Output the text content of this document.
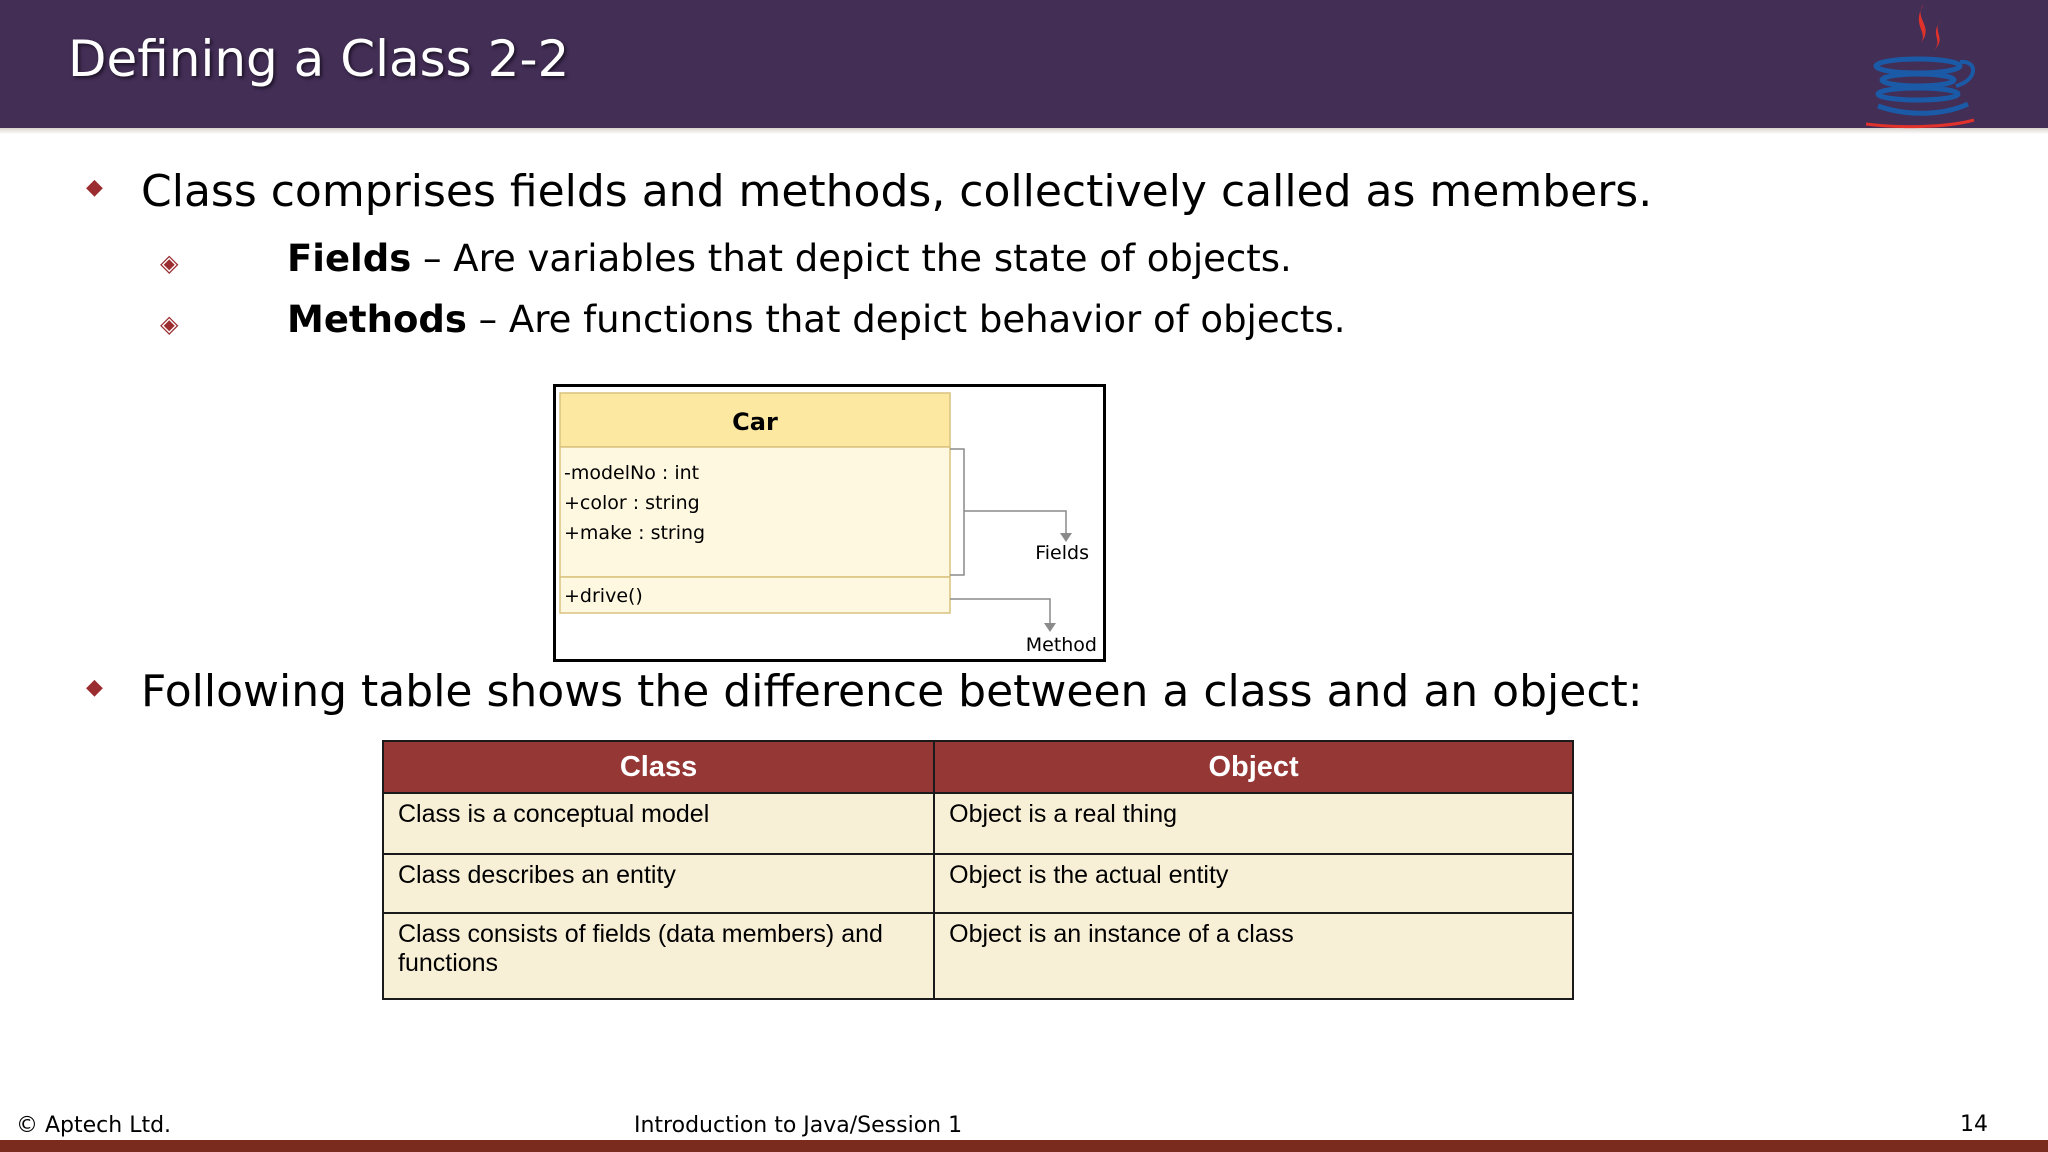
Defining a Class 2-2
◆ Class comprises fields and methods, collectively called as members.
◈	Fields – Are variables that depict the state of objects.
◈	Methods – Are functions that depict behavior of objects.
Car
-modelNo : int
+color : string
+make : string
+drive()
Fields
Method
◆ Following table shows the difference between a class and an object:
Class	Object
Class is a conceptual model	Object is a real thing
Class describes an entity	Object is the actual entity
Class consists of fields (data members) and functions	Object is an instance of a class
© Aptech Ltd.	Introduction to Java/Session 1	14
